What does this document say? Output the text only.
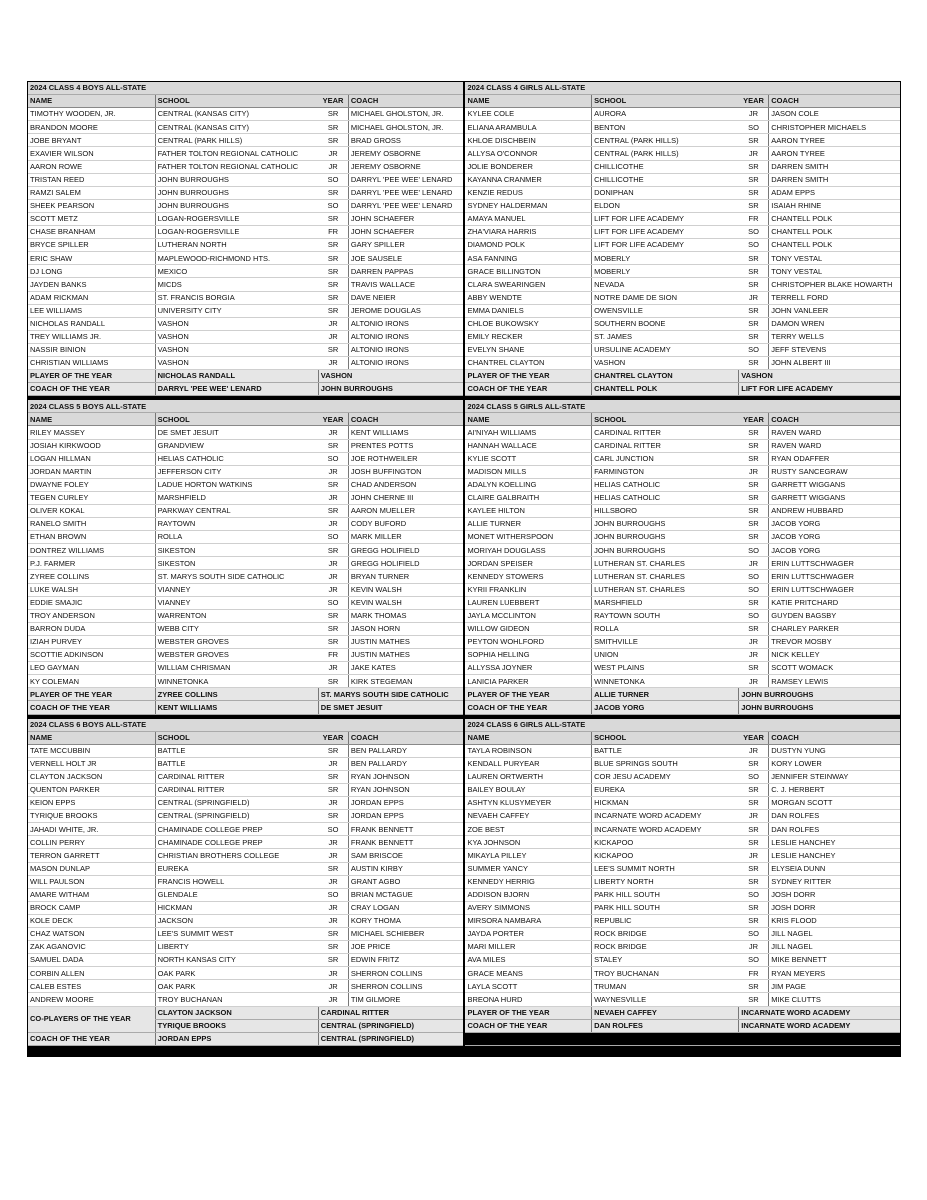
2024 CLASS 4 BOYS ALL-STATE				2024 CLASS 4 GIRLS ALL-STATE			
NAME	SCHOOL	YEAR	COACH	NAME	SCHOOL	YEAR	COACH
TIMOTHY WOODEN, JR.	CENTRAL (KANSAS CITY)	SR	MICHAEL GHOLSTON, JR.	KYLEE COLE	AURORA	JR	JASON COLE
BRANDON MOORE	CENTRAL (KANSAS CITY)	SR	MICHAEL GHOLSTON, JR.	ELIANA ARAMBULA	BENTON	SO	CHRISTOPHER MICHAELS
JOBE BRYANT	CENTRAL (PARK HILLS)	SR	BRAD GROSS	KHLOE DISCHBEIN	CENTRAL (PARK HILLS)	SR	AARON TYREE
EXAVIER WILSON	FATHER TOLTON REGIONAL CATHOLIC	JR	JEREMY OSBORNE	ALLYSA O'CONNOR	CENTRAL (PARK HILLS)	JR	AARON TYREE
AARON ROWE	FATHER TOLTON REGIONAL CATHOLIC	JR	JEREMY OSBORNE	JOLIE BONDERER	CHILLICOTHE	SR	DARREN SMITH
TRISTAN REED	JOHN BURROUGHS	SO	DARRYL 'PEE WEE' LENARD	KAYANNA CRANMER	CHILLICOTHE	SR	DARREN SMITH
RAMZI SALEM	JOHN BURROUGHS	SR	DARRYL 'PEE WEE' LENARD	KENZIE REDUS	DONIPHAN	SR	ADAM EPPS
SHEEK PEARSON	JOHN BURROUGHS	SO	DARRYL 'PEE WEE' LENARD	SYDNEY HALDERMAN	ELDON	SR	ISAIAH RHINE
SCOTT METZ	LOGAN-ROGERSVILLE	SR	JOHN SCHAEFER	AMAYA MANUEL	LIFT FOR LIFE ACADEMY	FR	CHANTELL POLK
CHASE BRANHAM	LOGAN-ROGERSVILLE	FR	JOHN SCHAEFER	ZHA'VIARA HARRIS	LIFT FOR LIFE ACADEMY	SO	CHANTELL POLK
BRYCE SPILLER	LUTHERAN NORTH	SR	GARY SPILLER	DIAMOND POLK	LIFT FOR LIFE ACADEMY	SO	CHANTELL POLK
ERIC SHAW	MAPLEWOOD-RICHMOND HTS.	SR	JOE SAUSELE	ASA FANNING	MOBERLY	SR	TONY VESTAL
DJ LONG	MEXICO	SR	DARREN PAPPAS	GRACE BILLINGTON	MOBERLY	SR	TONY VESTAL
JAYDEN BANKS	MICDS	SR	TRAVIS WALLACE	CLARA SWEARINGEN	NEVADA	SR	CHRISTOPHER BLAKE HOWARTH
ADAM RICKMAN	ST. FRANCIS BORGIA	SR	DAVE NEIER	ABBY WENDTE	NOTRE DAME DE SION	JR	TERRELL FORD
LEE WILLIAMS	UNIVERSITY CITY	SR	JEROME DOUGLAS	EMMA DANIELS	OWENSVILLE	SR	JOHN VANLEER
NICHOLAS RANDALL	VASHON	JR	ALTONIO IRONS	CHLOE BUKOWSKY	SOUTHERN BOONE	SR	DAMON WREN
TREY WILLIAMS JR.	VASHON	JR	ALTONIO IRONS	EMILY RECKER	ST. JAMES	SR	TERRY WELLS
NASSIR BINION	VASHON	SR	ALTONIO IRONS	EVELYN SHANE	URSULINE ACADEMY	SO	JEFF STEVENS
CHRISTIAN WILLIAMS	VASHON	JR	ALTONIO IRONS	CHANTREL CLAYTON	VASHON	SR	JOHN ALBERT III
PLAYER OF THE YEAR	NICHOLAS RANDALL	VASHON		PLAYER OF THE YEAR	CHANTREL CLAYTON	VASHON	
COACH OF THE YEAR	DARRYL 'PEE WEE' LENARD	JOHN BURROUGHS		COACH OF THE YEAR	CHANTELL POLK	LIFT FOR LIFE ACADEMY	

2024 CLASS 5 BOYS ALL-STATE				2024 CLASS 5 GIRLS ALL-STATE			
NAME	SCHOOL	YEAR	COACH	NAME	SCHOOL	YEAR	COACH
RILEY MASSEY	DE SMET JESUIT	JR	KENT WILLIAMS	AI'NIYAH WILLIAMS	CARDINAL RITTER	SR	RAVEN WARD
JOSIAH KIRKWOOD	GRANDVIEW	SR	PRENTES POTTS	HANNAH WALLACE	CARDINAL RITTER	SR	RAVEN WARD
LOGAN HILLMAN	HELIAS CATHOLIC	SO	JOE ROTHWEILER	KYLIE SCOTT	CARL JUNCTION	SR	RYAN ODAFFER
JORDAN MARTIN	JEFFERSON CITY	JR	JOSH BUFFINGTON	MADISON MILLS	FARMINGTON	JR	RUSTY SANCEGRAW
DWAYNE FOLEY	LADUE HORTON WATKINS	SR	CHAD ANDERSON	ADALYN KOELLING	HELIAS CATHOLIC	SR	GARRETT WIGGANS
TEGEN CURLEY	MARSHFIELD	JR	JOHN CHERNE III	CLAIRE GALBRAITH	HELIAS CATHOLIC	SR	GARRETT WIGGANS
OLIVER KOKAL	PARKWAY CENTRAL	SR	AARON MUELLER	KAYLEE HILTON	HILLSBORO	SR	ANDREW HUBBARD
RANELO SMITH	RAYTOWN	JR	CODY BUFORD	ALLIE TURNER	JOHN BURROUGHS	SR	JACOB YORG
ETHAN BROWN	ROLLA	SO	MARK MILLER	MONET WITHERSPOON	JOHN BURROUGHS	SR	JACOB YORG
DONTREZ WILLIAMS	SIKESTON	SR	GREGG HOLIFIELD	MORIYAH DOUGLASS	JOHN BURROUGHS	SO	JACOB YORG
P.J. FARMER	SIKESTON	JR	GREGG HOLIFIELD	JORDAN SPEISER	LUTHERAN ST. CHARLES	JR	ERIN LUTTSCHWAGER
ZYREE COLLINS	ST. MARYS SOUTH SIDE CATHOLIC	JR	BRYAN TURNER	KENNEDY STOWERS	LUTHERAN ST. CHARLES	SO	ERIN LUTTSCHWAGER
LUKE WALSH	VIANNEY	JR	KEVIN WALSH	KYRII FRANKLIN	LUTHERAN ST. CHARLES	SO	ERIN LUTTSCHWAGER
EDDIE SMAJIC	VIANNEY	SO	KEVIN WALSH	LAUREN LUEBBERT	MARSHFIELD	SR	KATIE PRITCHARD
TROY ANDERSON	WARRENTON	SR	MARK THOMAS	JAYLA MCCLINTON	RAYTOWN SOUTH	SO	GUYDEN BAGSBY
BARRON DUDA	WEBB CITY	SR	JASON HORN	WILLOW GIDEON	ROLLA	SR	CHARLEY PARKER
IZIAH PURVEY	WEBSTER GROVES	SR	JUSTIN MATHES	PEYTON WOHLFORD	SMITHVILLE	JR	TREVOR MOSBY
SCOTTIE ADKINSON	WEBSTER GROVES	FR	JUSTIN MATHES	SOPHIA HELLING	UNION	JR	NICK KELLEY
LEO GAYMAN	WILLIAM CHRISMAN	JR	JAKE KATES	ALLYSSA JOYNER	WEST PLAINS	SR	SCOTT WOMACK
KY COLEMAN	WINNETONKA	SR	KIRK STEGEMAN	LANICIA PARKER	WINNETONKA	JR	RAMSEY LEWIS
PLAYER OF THE YEAR	ZYREE COLLINS	ST. MARYS SOUTH SIDE CATHOLIC		PLAYER OF THE YEAR	ALLIE TURNER	JOHN BURROUGHS	
COACH OF THE YEAR	KENT WILLIAMS	DE SMET JESUIT		COACH OF THE YEAR	JACOB YORG	JOHN BURROUGHS	

2024 CLASS 6 BOYS ALL-STATE				2024 CLASS 6 GIRLS ALL-STATE			
NAME	SCHOOL	YEAR	COACH	NAME	SCHOOL	YEAR	COACH
TATE MCCUBBIN	BATTLE	SR	BEN PALLARDY	TAYLA ROBINSON	BATTLE	JR	DUSTYN YUNG
VERNELL HOLT JR	BATTLE	JR	BEN PALLARDY	KENDALL PURYEAR	BLUE SPRINGS SOUTH	SR	KORY LOWER
CLAYTON JACKSON	CARDINAL RITTER	SR	RYAN JOHNSON	LAUREN ORTWERTH	COR JESU ACADEMY	SO	JENNIFER STEINWAY
QUENTON PARKER	CARDINAL RITTER	SR	RYAN JOHNSON	BAILEY BOULAY	EUREKA	SR	C. J. HERBERT
KEION EPPS	CENTRAL (SPRINGFIELD)	JR	JORDAN EPPS	ASHTYN KLUSYMEYER	HICKMAN	SR	MORGAN SCOTT
TYRIQUE BROOKS	CENTRAL (SPRINGFIELD)	SR	JORDAN EPPS	NEVAEH CAFFEY	INCARNATE WORD ACADEMY	JR	DAN ROLFES
JAHADI WHITE, JR.	CHAMINADE COLLEGE PREP	SO	FRANK BENNETT	ZOE BEST	INCARNATE WORD ACADEMY	SR	DAN ROLFES
COLLIN PERRY	CHAMINADE COLLEGE PREP	JR	FRANK BENNETT	KYA JOHNSON	KICKAPOO	SR	LESLIE HANCHEY
TERRON GARRETT	CHRISTIAN BROTHERS COLLEGE	JR	SAM BRISCOE	MIKAYLA PILLEY	KICKAPOO	JR	LESLIE HANCHEY
MASON DUNLAP	EUREKA	SR	AUSTIN KIRBY	SUMMER YANCY	LEE'S SUMMIT NORTH	SR	ELYSEIA DUNN
WILL PAULSON	FRANCIS HOWELL	JR	GRANT AGBO	KENNEDY HERRIG	LIBERTY NORTH	SR	SYDNEY RITTER
AMARE WITHAM	GLENDALE	SO	BRIAN MCTAGUE	ADDISON BJORN	PARK HILL SOUTH	SO	JOSH DORR
BROCK CAMP	HICKMAN	JR	CRAY LOGAN	AVERY SIMMONS	PARK HILL SOUTH	SR	JOSH DORR
KOLE DECK	JACKSON	JR	KORY THOMA	MIRSORA NAMBARA	REPUBLIC	SR	KRIS FLOOD
CHAZ WATSON	LEE'S SUMMIT WEST	SR	MICHAEL SCHIEBER	JAYDA PORTER	ROCK BRIDGE	SO	JILL NAGEL
ZAK AGANOVIC	LIBERTY	SR	JOE PRICE	MARI MILLER	ROCK BRIDGE	JR	JILL NAGEL
SAMUEL DADA	NORTH KANSAS CITY	SR	EDWIN FRITZ	AVA MILES	STALEY	SO	MIKE BENNETT
CORBIN ALLEN	OAK PARK	JR	SHERRON COLLINS	GRACE MEANS	TROY BUCHANAN	FR	RYAN MEYERS
CALEB ESTES	OAK PARK	JR	SHERRON COLLINS	LAYLA SCOTT	TRUMAN	SR	JIM PAGE
ANDREW MOORE	TROY BUCHANAN	JR	TIM GILMORE	BREONA HURD	WAYNESVILLE	SR	MIKE CLUTTS
CO-PLAYERS OF THE YEAR	CLAYTON JACKSON	CARDINAL RITTER		PLAYER OF THE YEAR	NEVAEH CAFFEY	INCARNATE WORD ACADEMY	
	TYRIQUE BROOKS	CENTRAL (SPRINGFIELD)		COACH OF THE YEAR	DAN ROLFES	INCARNATE WORD ACADEMY	
COACH OF THE YEAR	JORDAN EPPS	CENTRAL (SPRINGFIELD)					
